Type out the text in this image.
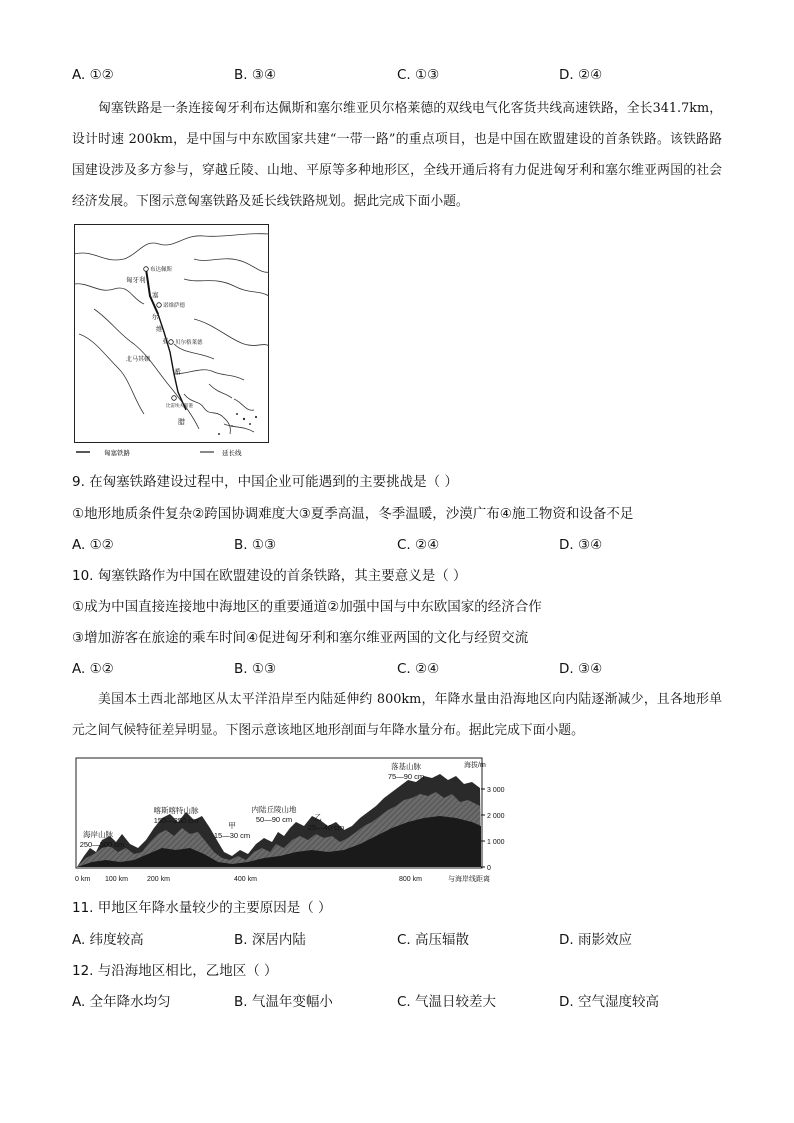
A. ①②	B. ③④	C. ①③	D. ②④

匈塞铁路是一条连接匈牙利布达佩斯和塞尔维亚贝尔格莱德的双线电气化客货共线高速铁路，全长341.7km，设计时速 200km，是中国与中东欧国家共建“一带一路”的重点项目，也是中国在欧盟建设的首条铁路。该铁路路国建设涉及多方参与，穿越丘陵、山地、平原等多种地形区，全线开通后将有力促进匈牙利和塞尔维亚两国的社会经济发展。下图示意匈塞铁路及延长线铁路规划。据此完成下面小题。

布达佩斯
匈牙利
诺维萨德
塞
尔
维
亚 贝尔格莱德
北马其顿
希
腊
比雷埃夫斯港
匈塞铁路	延长线
9. 在匈塞铁路建设过程中，中国企业可能遇到的主要挑战是（ ）
①地形地质条件复杂②跨国协调难度大③夏季高温，冬季温暖，沙漠广布④施工物资和设备不足
A. ①②	B. ①③	C. ②④	D. ③④
10. 匈塞铁路作为中国在欧盟建设的首条铁路，其主要意义是（ ）
①成为中国直接连接地中海地区的重要通道②加强中国与中东欧国家的经济合作
③增加游客在旅途的乘车时间④促进匈牙利和塞尔维亚两国的文化与经贸交流
A. ①②	B. ①③	C. ②④	D. ③④

美国本土西北部地区从太平洋沿岸至内陆延伸约 800km，年降水量由沿海地区向内陆逐渐减少，且各地形单元之间气候特征差异明显。下图示意该地区地形剖面与年降水量分布。据此完成下面小题。

海岸山脉
250—500 cm
喀斯喀特山脉
150—250 cm
甲
15—30 cm
内陆丘陵山地
50—90 cm	乙
25—40 cm
落基山脉
75—90 cm
海拔/m
3 000
2 000
1 000
0
0 km 100 km	200 km	400 km	800 km	与海岸线距离
11. 甲地区年降水量较少的主要原因是（ ）
A. 纬度较高	B. 深居内陆	C. 高压辐散	D. 雨影效应
12. 与沿海地区相比，乙地区（ ）
A. 全年降水均匀	B. 气温年变幅小	C. 气温日较差大	D. 空气湿度较高
